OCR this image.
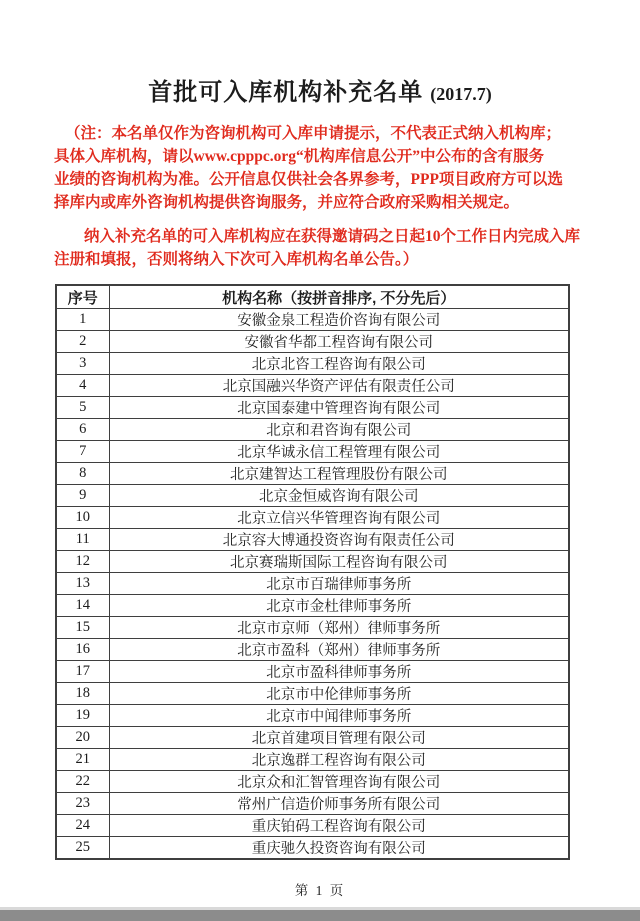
首批可入库机构补充名单 (2017.7)
（注：本名单仅作为咨询机构可入库申请提示，不代表正式纳入机构库；
具体入库机构，请以www.cpppc.org“机构库信息公开”中公布的含有服务
业绩的咨询机构为准。公开信息仅供社会各界参考，PPP项目政府方可以选
择库内或库外咨询机构提供咨询服务，并应符合政府采购相关规定。
纳入补充名单的可入库机构应在获得邀请码之日起10个工作日内完成入库
注册和填报，否则将纳入下次可入库机构名单公告。）
序号	机构名称（按拼音排序, 不分先后）
1	安徽金泉工程造价咨询有限公司
2	安徽省华都工程咨询有限公司
3	北京北咨工程咨询有限公司
4	北京国融兴华资产评估有限责任公司
5	北京国泰建中管理咨询有限公司
6	北京和君咨询有限公司
7	北京华诚永信工程管理有限公司
8	北京建智达工程管理股份有限公司
9	北京金恒威咨询有限公司
10	北京立信兴华管理咨询有限公司
11	北京容大博通投资咨询有限责任公司
12	北京赛瑞斯国际工程咨询有限公司
13	北京市百瑞律师事务所
14	北京市金杜律师事务所
15	北京市京师（郑州）律师事务所
16	北京市盈科（郑州）律师事务所
17	北京市盈科律师事务所
18	北京市中伦律师事务所
19	北京市中闻律师事务所
20	北京首建项目管理有限公司
21	北京逸群工程咨询有限公司
22	北京众和汇智管理咨询有限公司
23	常州广信造价师事务所有限公司
24	重庆铂码工程咨询有限公司
25	重庆驰久投资咨询有限公司
第 1 页
